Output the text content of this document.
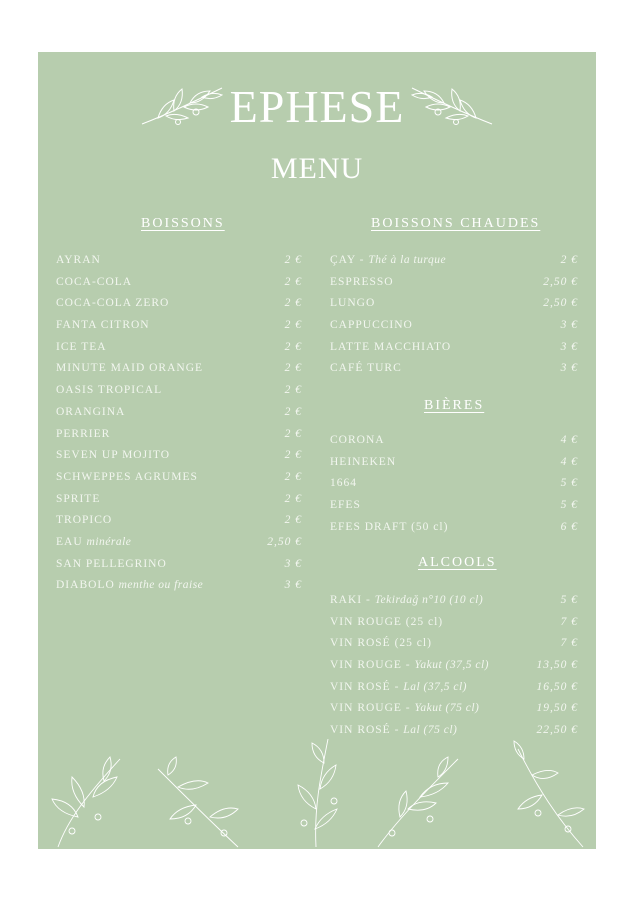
EPHESE
MENU
BOISSONS
AYRAN	2 €
COCA-COLA	2 €
COCA-COLA ZERO	2 €
FANTA CITRON	2 €
ICE TEA	2 €
MINUTE MAID ORANGE	2 €
OASIS TROPICAL	2 €
ORANGINA	2 €
PERRIER	2 €
SEVEN UP MOJITO	2 €
SCHWEPPES AGRUMES	2 €
SPRITE	2 €
TROPICO	2 €
EAU minérale	2,50 €
SAN PELLEGRINO	3 €
DIABOLO menthe ou fraise	3 €
BOISSONS CHAUDES
ÇAY - Thé à la turque	2 €
ESPRESSO	2,50 €
LUNGO	2,50 €
CAPPUCCINO	3 €
LATTE MACCHIATO	3 €
CAFÉ TURC	3 €
BIÈRES
CORONA	4 €
HEINEKEN	4 €
1664	5 €
EFES	5 €
EFES DRAFT (50 cl)	6 €
ALCOOLS
RAKI - Tekirdağ n°10 (10 cl)	5 €
VIN ROUGE (25 cl)	7 €
VIN ROSÉ (25 cl)	7 €
VIN ROUGE - Yakut (37,5 cl)	13,50 €
VIN ROSÉ - Lal (37,5 cl)	16,50 €
VIN ROUGE - Yakut (75 cl)	19,50 €
VIN ROSÉ - Lal (75 cl)	22,50 €
